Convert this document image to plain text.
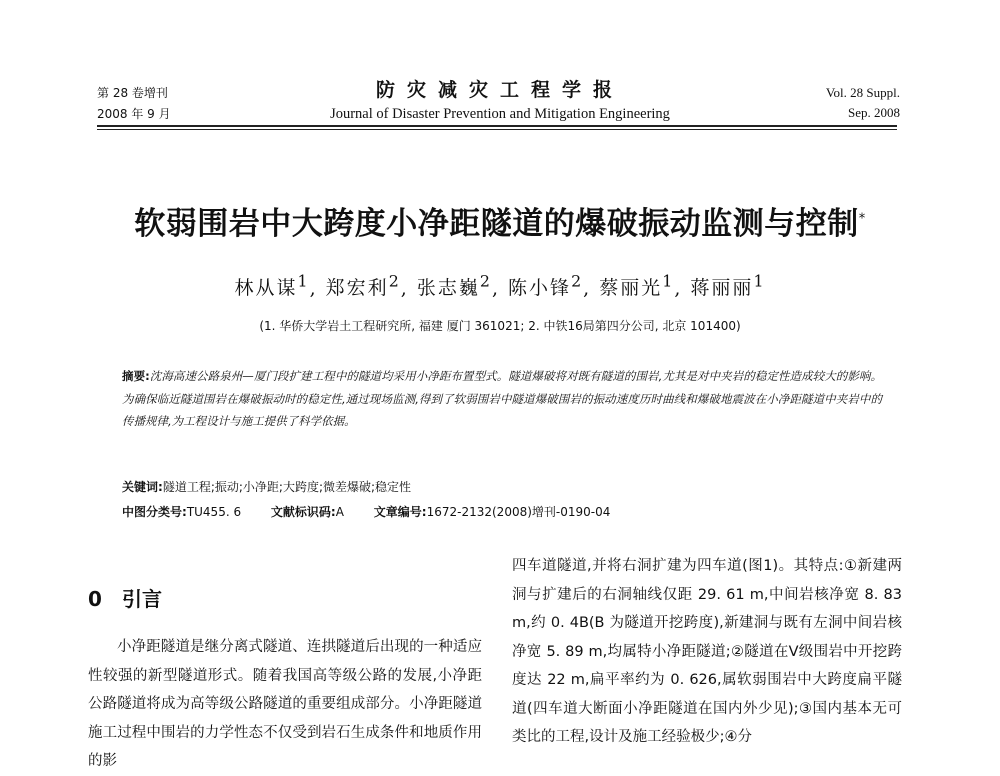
第 28 卷增刊
2008 年 9 月
防灾减灾工程学报
Journal of Disaster Prevention and Mitigation Engineering
Vol. 28 Suppl.
Sep. 2008
软弱围岩中大跨度小净距隧道的爆破振动监测与控制*
林从谋$^1$, 郑宏利$^2$, 张志巍$^2$, 陈小锋$^2$, 蔡丽光$^1$, 蒋丽丽$^1$
(1. 华侨大学岩土工程研究所, 福建 厦门 361021; 2. 中铁16局第四分公司, 北京 101400)
摘要:沈海高速公路泉州—厦门段扩建工程中的隧道均采用小净距布置型式。隧道爆破将对既有隧道的围岩,尤其是对中夹岩的稳定性造成较大的影响。为确保临近隧道围岩在爆破振动时的稳定性,通过现场监测,得到了软弱围岩中隧道爆破围岩的振动速度历时曲线和爆破地震波在小净距隧道中夹岩中的传播规律,为工程设计与施工提供了科学依据。
关键词:隧道工程;振动;小净距;大跨度;微差爆破;稳定性
中图分类号:TU455. 6 文献标识码:A 文章编号:1672-2132(2008)增刊-0190-04
0 引言
小净距隧道是继分离式隧道、连拱隧道后出现的一种适应性较强的新型隧道形式。随着我国高等级公路的发展,小净距公路隧道将成为高等级公路隧道的重要组成部分。小净距隧道施工过程中围岩的力学性态不仅受到岩石生成条件和地质作用的影
四车道隧道,并将右洞扩建为四车道(图1)。其特点:①新建两洞与扩建后的右洞轴线仅距 29. 61 m,中间岩核净宽 8. 83 m,约 0. 4B(B 为隧道开挖跨度),新建洞与既有左洞中间岩核净宽 5. 89 m,均属特小净距隧道;②隧道在Ⅴ级围岩中开挖跨度达 22 m,扁平率约为 0. 626,属软弱围岩中大跨度扁平隧道(四车道大断面小净距隧道在国内外少见);③国内基本无可类比的工程,设计及施工经验极少;④分
